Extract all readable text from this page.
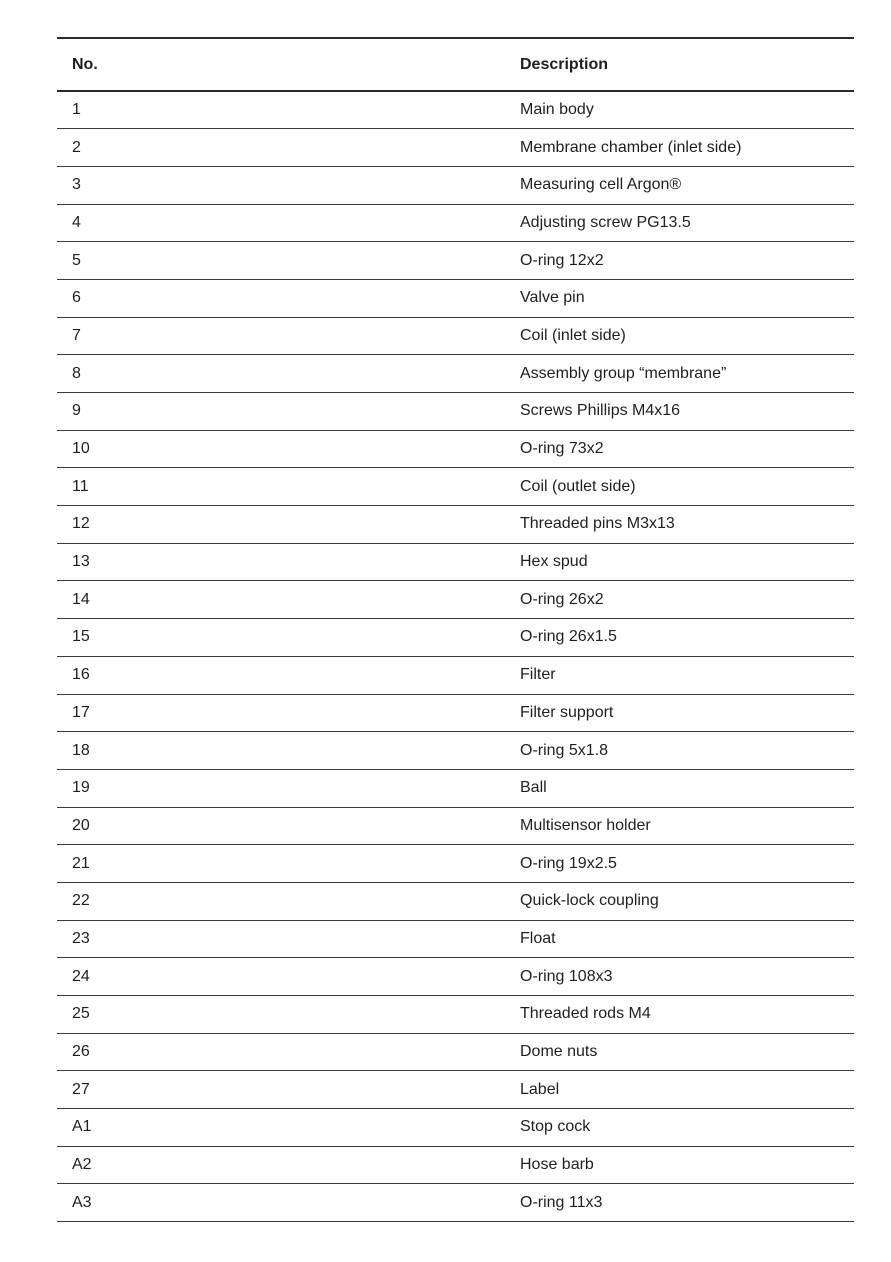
No.	Description
1	Main body
2	Membrane chamber (inlet side)
3	Measuring cell Argon®
4	Adjusting screw PG13.5
5	O-ring 12x2
6	Valve pin
7	Coil (inlet side)
8	Assembly group “membrane”
9	Screws Phillips M4x16
10	O-ring 73x2
11	Coil (outlet side)
12	Threaded pins M3x13
13	Hex spud
14	O-ring 26x2
15	O-ring 26x1.5
16	Filter
17	Filter support
18	O-ring 5x1.8
19	Ball
20	Multisensor holder
21	O-ring 19x2.5
22	Quick-lock coupling
23	Float
24	O-ring 108x3
25	Threaded rods M4
26	Dome nuts
27	Label
A1	Stop cock
A2	Hose barb
A3	O-ring 11x3
